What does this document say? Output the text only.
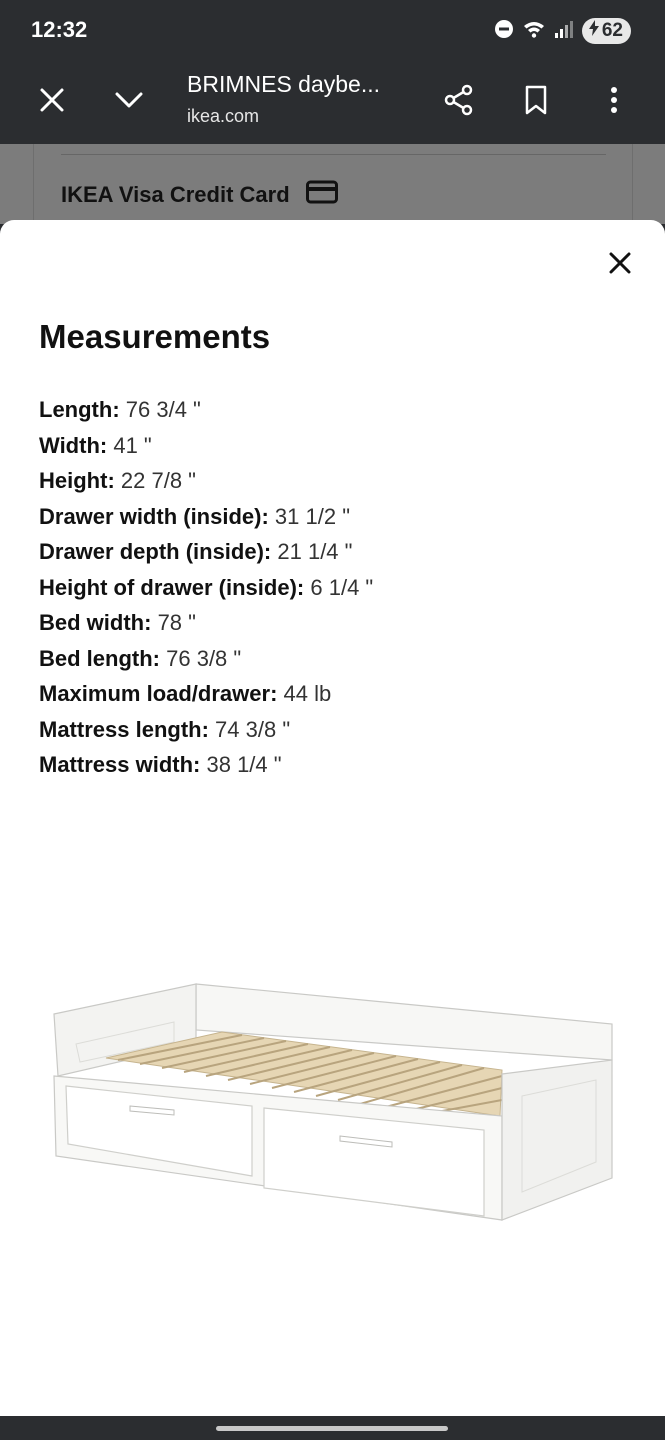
12:32	62
BRIMNES daybe...
ikea.com
IKEA Visa Credit Card
Measurements
Length: 76 3/4 "
Width: 41 "
Height: 22 7/8 "
Drawer width (inside): 31 1/2 "
Drawer depth (inside): 21 1/4 "
Height of drawer (inside): 6 1/4 "
Bed width: 78 "
Bed length: 76 3/8 "
Maximum load/drawer: 44 lb
Mattress length: 74 3/8 "
Mattress width: 38 1/4 "
